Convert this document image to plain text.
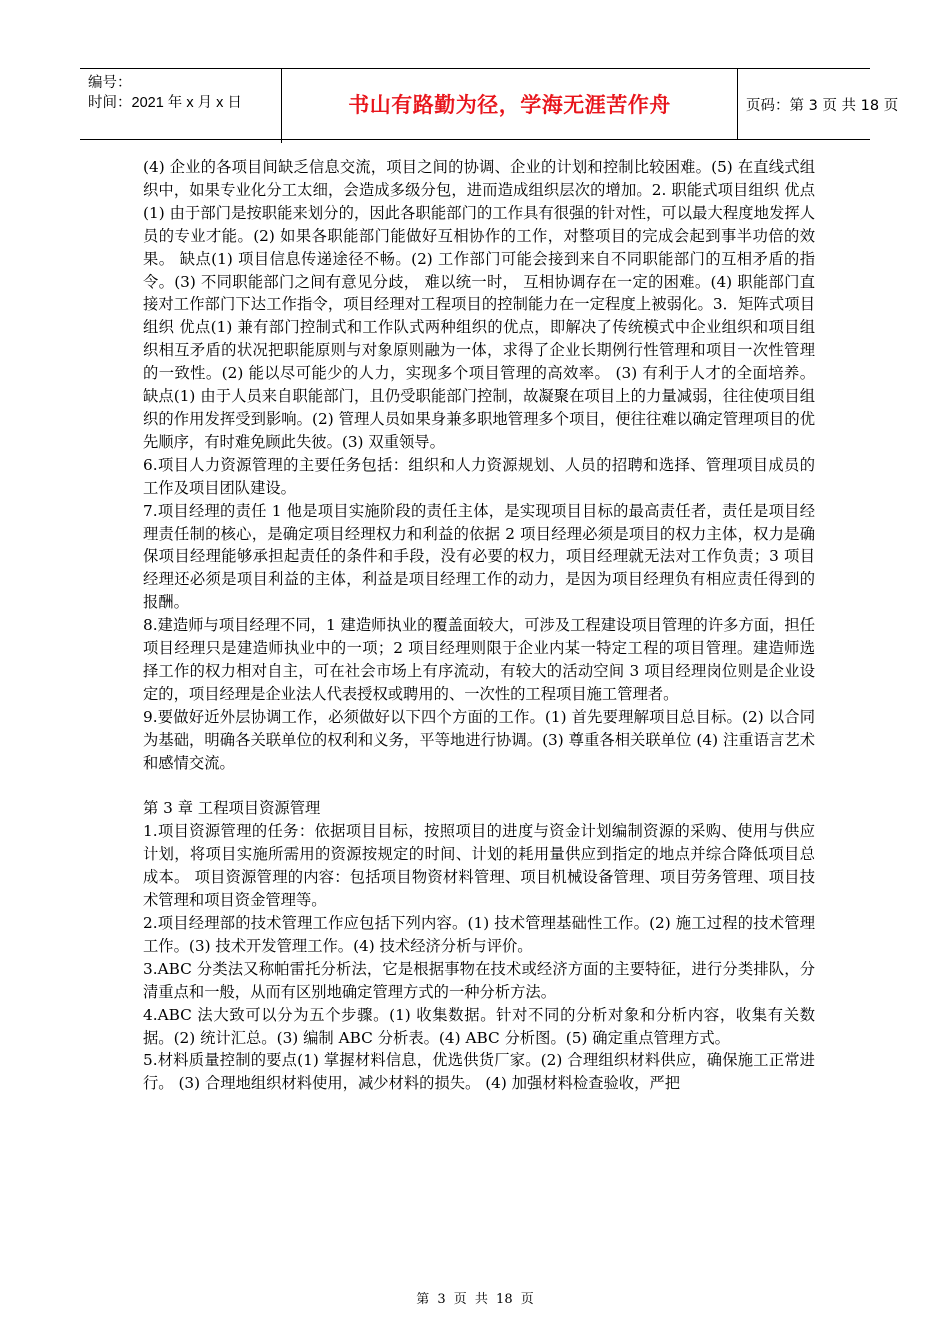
编号：
时间：2021 年 x 月 x 日	书山有路勤为径，学海无涯苦作舟	页码：第 3 页 共 18 页

(4) 企业的各项目间缺乏信息交流，项目之间的协调、企业的计划和控制比较困难。(5) 在直线式组织中，如果专业化分工太细，会造成多级分包，进而造成组织层次的增加。2. 职能式项目组织 优点(1) 由于部门是按职能来划分的，因此各职能部门的工作具有很强的针对性，可以最大程度地发挥人员的专业才能。(2) 如果各职能部门能做好互相协作的工作，对整项目的完成会起到事半功倍的效果。 缺点(1) 项目信息传递途径不畅。(2) 工作部门可能会接到来自不同职能部门的互相矛盾的指令。(3) 不同职能部门之间有意见分歧， 难以统一时， 互相协调存在一定的困难。(4) 职能部门直接对工作部门下达工作指令，项目经理对工程项目的控制能力在一定程度上被弱化。3．矩阵式项目组织 优点(1) 兼有部门控制式和工作队式两种组织的优点，即解决了传统模式中企业组织和项目组织相互矛盾的状况把职能原则与对象原则融为一体，求得了企业长期例行性管理和项目一次性管理的一致性。(2) 能以尽可能少的人力，实现多个项目管理的高效率。 (3) 有利于人才的全面培养。 缺点(1) 由于人员来自职能部门，且仍受职能部门控制，故凝聚在项目上的力量减弱，往往使项目组织的作用发挥受到影响。(2) 管理人员如果身兼多职地管理多个项目，便往往难以确定管理项目的优先顺序，有时难免顾此失彼。(3) 双重领导。

6.项目人力资源管理的主要任务包括：组织和人力资源规划、人员的招聘和选择、管理项目成员的工作及项目团队建设。

7.项目经理的责任 1 他是项目实施阶段的责任主体，是实现项目目标的最高责任者，责任是项目经理责任制的核心，是确定项目经理权力和利益的依据 2 项目经理必须是项目的权力主体，权力是确保项目经理能够承担起责任的条件和手段，没有必要的权力，项目经理就无法对工作负责；3 项目经理还必须是项目利益的主体，利益是项目经理工作的动力，是因为项目经理负有相应责任得到的报酬。

8.建造师与项目经理不同，1 建造师执业的覆盖面较大，可涉及工程建设项目管理的许多方面，担任项目经理只是建造师执业中的一项；2 项目经理则限于企业内某一特定工程的项目管理。建造师选择工作的权力相对自主，可在社会市场上有序流动，有较大的活动空间 3 项目经理岗位则是企业设定的，项目经理是企业法人代表授权或聘用的、一次性的工程项目施工管理者。

9.要做好近外层协调工作，必须做好以下四个方面的工作。(1) 首先要理解项目总目标。(2) 以合同为基础，明确各关联单位的权利和义务，平等地进行协调。(3) 尊重各相关联单位 (4) 注重语言艺术和感情交流。

第 3 章 工程项目资源管理

1.项目资源管理的任务：依据项目目标，按照项目的进度与资金计划编制资源的采购、使用与供应计划，将项目实施所需用的资源按规定的时间、计划的耗用量供应到指定的地点并综合降低项目总成本。 项目资源管理的内容：包括项目物资材料管理、项目机械设备管理、项目劳务管理、项目技术管理和项目资金管理等。

2.项目经理部的技术管理工作应包括下列内容。(1) 技术管理基础性工作。(2) 施工过程的技术管理工作。(3) 技术开发管理工作。(4) 技术经济分析与评价。

3.ABC 分类法又称帕雷托分析法，它是根据事物在技术或经济方面的主要特征，进行分类排队，分清重点和一般，从而有区别地确定管理方式的一种分析方法。

4.ABC 法大致可以分为五个步骤。(1) 收集数据。针对不同的分析对象和分析内容，收集有关数据。(2) 统计汇总。(3) 编制 ABC 分析表。(4) ABC 分析图。(5) 确定重点管理方式。

5.材料质量控制的要点(1) 掌握材料信息，优选供货厂家。(2) 合理组织材料供应，确保施工正常进行。 (3) 合理地组织材料使用，减少材料的损失。 (4) 加强材料检查验收，严把

第 3 页 共 18 页
